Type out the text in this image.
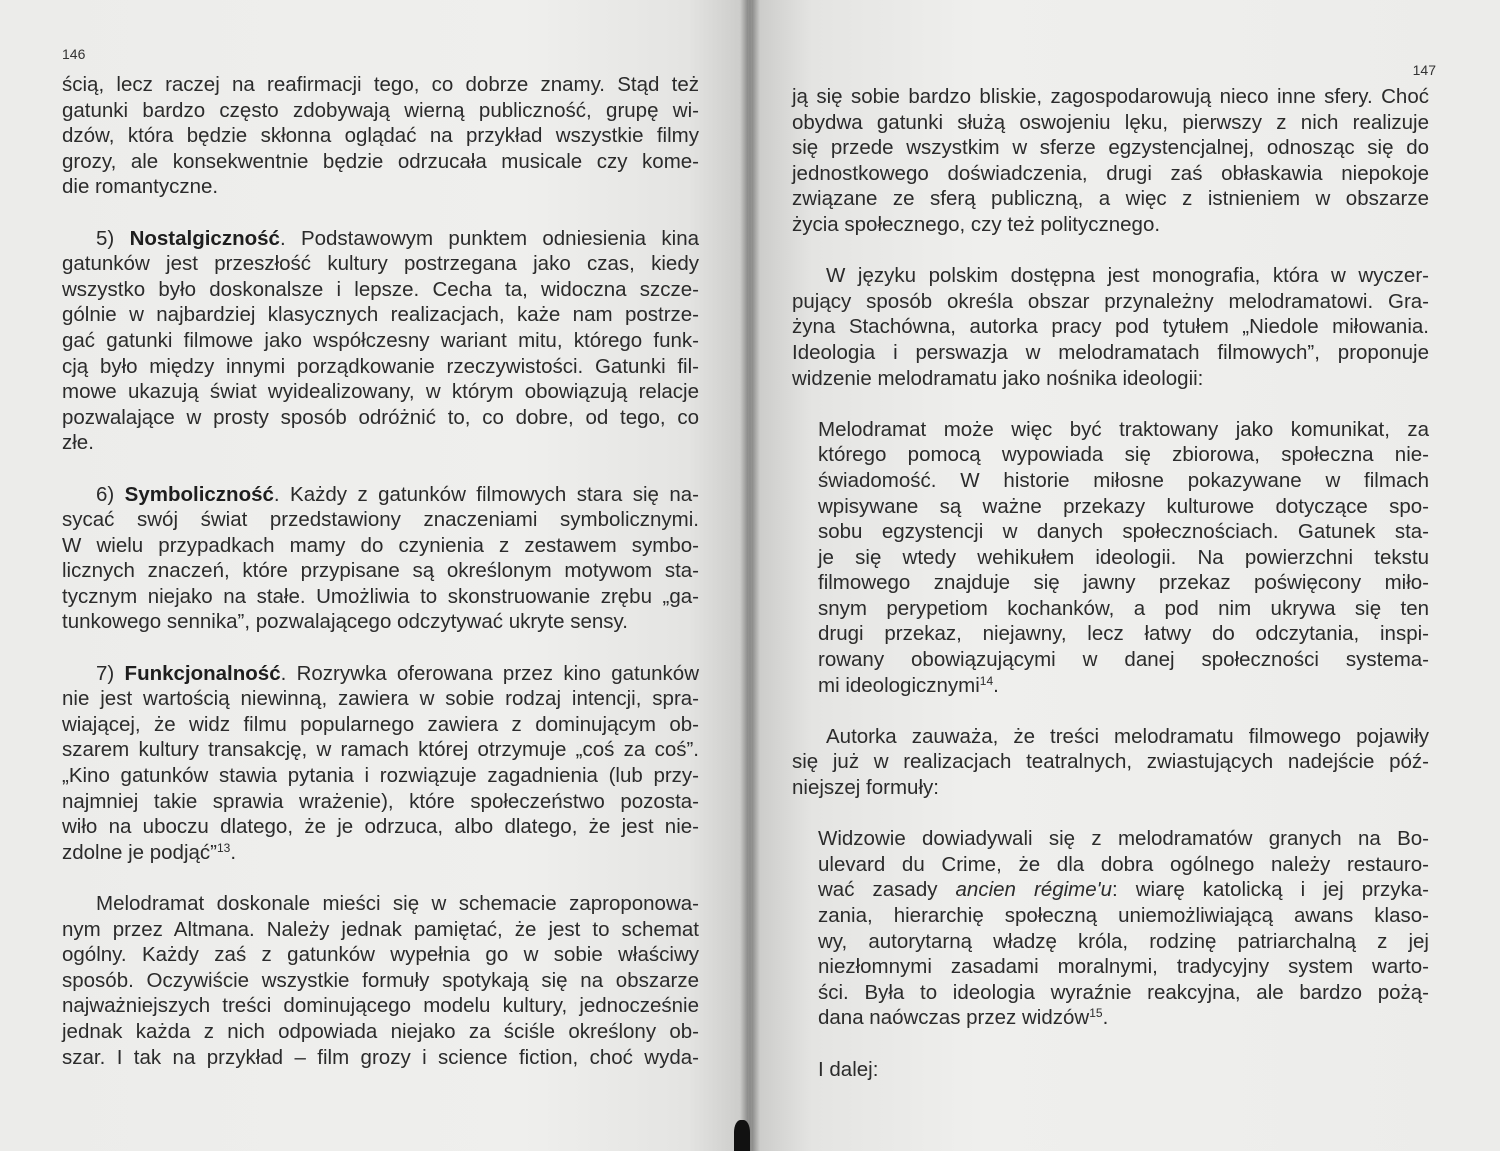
146

ścią, lecz raczej na reafirmacji tego, co dobrze znamy. Stąd też

gatunki bardzo często zdobywają wierną publiczność, grupę wi-

dzów, która będzie skłonna oglądać na przykład wszystkie filmy

grozy, ale konsekwentnie będzie odrzucała musicale czy kome-

die romantyczne.

5) Nostalgiczność. Podstawowym punktem odniesienia kina

gatunków jest przeszłość kultury postrzegana jako czas, kiedy

wszystko było doskonalsze i lepsze. Cecha ta, widoczna szcze-

gólnie w najbardziej klasycznych realizacjach, każe nam postrze-

gać gatunki filmowe jako współczesny wariant mitu, którego funk-

cją było między innymi porządkowanie rzeczywistości. Gatunki fil-

mowe ukazują świat wyidealizowany, w którym obowiązują relacje

pozwalające w prosty sposób odróżnić to, co dobre, od tego, co

złe.

6) Symboliczność. Każdy z gatunków filmowych stara się na-

sycać swój świat przedstawiony znaczeniami symbolicznymi.

W wielu przypadkach mamy do czynienia z zestawem symbo-

licznych znaczeń, które przypisane są określonym motywom sta-

tycznym niejako na stałe. Umożliwia to skonstruowanie zrębu „ga-

tunkowego sennika”, pozwalającego odczytywać ukryte sensy.

7) Funkcjonalność. Rozrywka oferowana przez kino gatunków

nie jest wartością niewinną, zawiera w sobie rodzaj intencji, spra-

wiającej, że widz filmu popularnego zawiera z dominującym ob-

szarem kultury transakcję, w ramach której otrzymuje „coś za coś”.

„Kino gatunków stawia pytania i rozwiązuje zagadnienia (lub przy-

najmniej takie sprawia wrażenie), które społeczeństwo pozosta-

wiło na uboczu dlatego, że je odrzuca, albo dlatego, że jest nie-

zdolne je podjąć”$^{13}$.

Melodramat doskonale mieści się w schemacie zaproponowa-

nym przez Altmana. Należy jednak pamiętać, że jest to schemat

ogólny. Każdy zaś z gatunków wypełnia go w sobie właściwy

sposób. Oczywiście wszystkie formuły spotykają się na obszarze

najważniejszych treści dominującego modelu kultury, jednocześnie

jednak każda z nich odpowiada niejako za ściśle określony ob-

szar. I tak na przykład – film grozy i science fiction, choć wyda-

147

ją się sobie bardzo bliskie, zagospodarowują nieco inne sfery. Choć

obydwa gatunki służą oswojeniu lęku, pierwszy z nich realizuje

się przede wszystkim w sferze egzystencjalnej, odnosząc się do

jednostkowego doświadczenia, drugi zaś obłaskawia niepokoje

związane ze sferą publiczną, a więc z istnieniem w obszarze

życia społecznego, czy też politycznego.

W języku polskim dostępna jest monografia, która w wyczer-

pujący sposób określa obszar przynależny melodramatowi. Gra-

żyna Stachówna, autorka pracy pod tytułem „Niedole miłowania.

Ideologia i perswazja w melodramatach filmowych”, proponuje

widzenie melodramatu jako nośnika ideologii:

Melodramat może więc być traktowany jako komunikat, za

którego pomocą wypowiada się zbiorowa, społeczna nie-

świadomość. W historie miłosne pokazywane w filmach

wpisywane są ważne przekazy kulturowe dotyczące spo-

sobu egzystencji w danych społecznościach. Gatunek sta-

je się wtedy wehikułem ideologii. Na powierzchni tekstu

filmowego znajduje się jawny przekaz poświęcony miło-

snym perypetiom kochanków, a pod nim ukrywa się ten

drugi przekaz, niejawny, lecz łatwy do odczytania, inspi-

rowany obowiązującymi w danej społeczności systema-

mi ideologicznymi$^{14}$.

Autorka zauważa, że treści melodramatu filmowego pojawiły

się już w realizacjach teatralnych, zwiastujących nadejście póź-

niejszej formuły:

Widzowie dowiadywali się z melodramatów granych na Bo-

ulevard du Crime, że dla dobra ogólnego należy restauro-

wać zasady ancien régime'u: wiarę katolicką i jej przyka-

zania, hierarchię społeczną uniemożliwiającą awans klaso-

wy, autorytarną władzę króla, rodzinę patriarchalną z jej

niezłomnymi zasadami moralnymi, tradycyjny system warto-

ści. Była to ideologia wyraźnie reakcyjna, ale bardzo pożą-

dana naówczas przez widzów$^{15}$.

I dalej:
